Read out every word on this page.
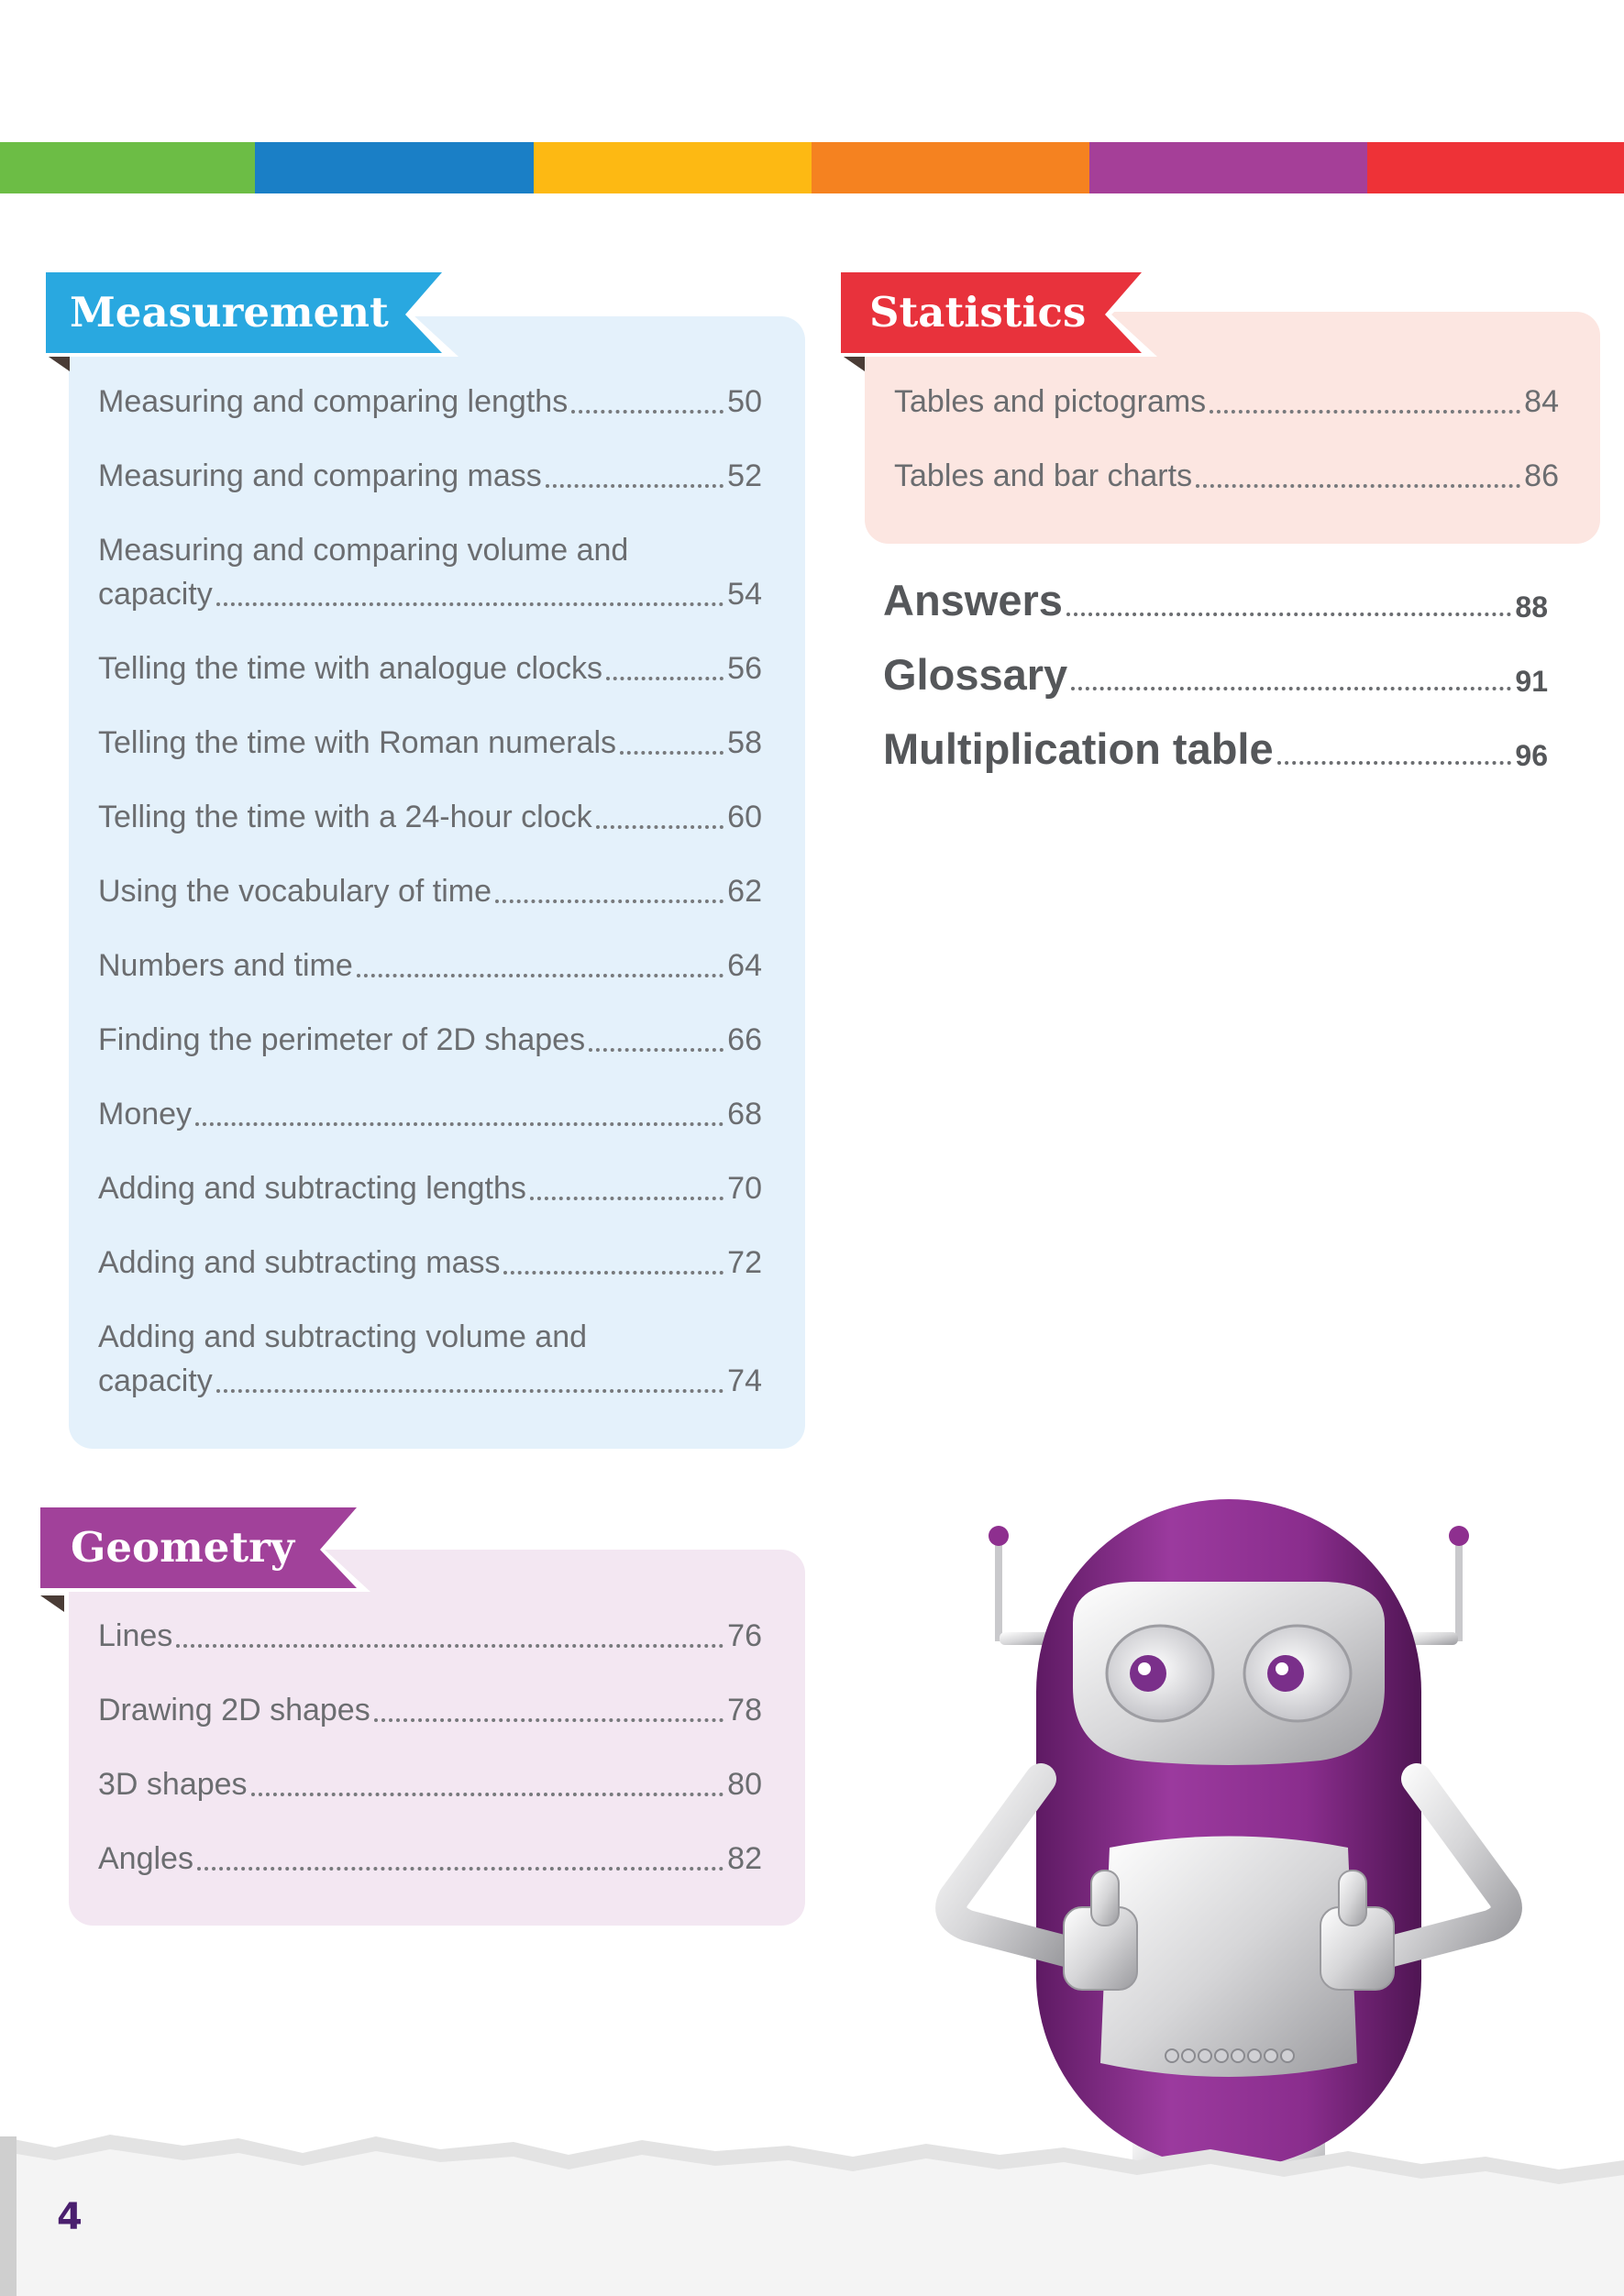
Measurement
Measuring and comparing lengths	50
Measuring and comparing mass	52
Measuring and comparing volume and
capacity	54
Telling the time with analogue clocks	56
Telling the time with Roman numerals	58
Telling the time with a 24-hour clock	60
Using the vocabulary of time	62
Numbers and time	64
Finding the perimeter of 2D shapes	66
Money	68
Adding and subtracting lengths	70
Adding and subtracting mass	72
Adding and subtracting volume and
capacity	74
Statistics
Tables and pictograms	84
Tables and bar charts	86
Answers	88
Glossary	91
Multiplication table	96
Geometry
Lines	76
Drawing 2D shapes	78
3D shapes	80
Angles	82
4
